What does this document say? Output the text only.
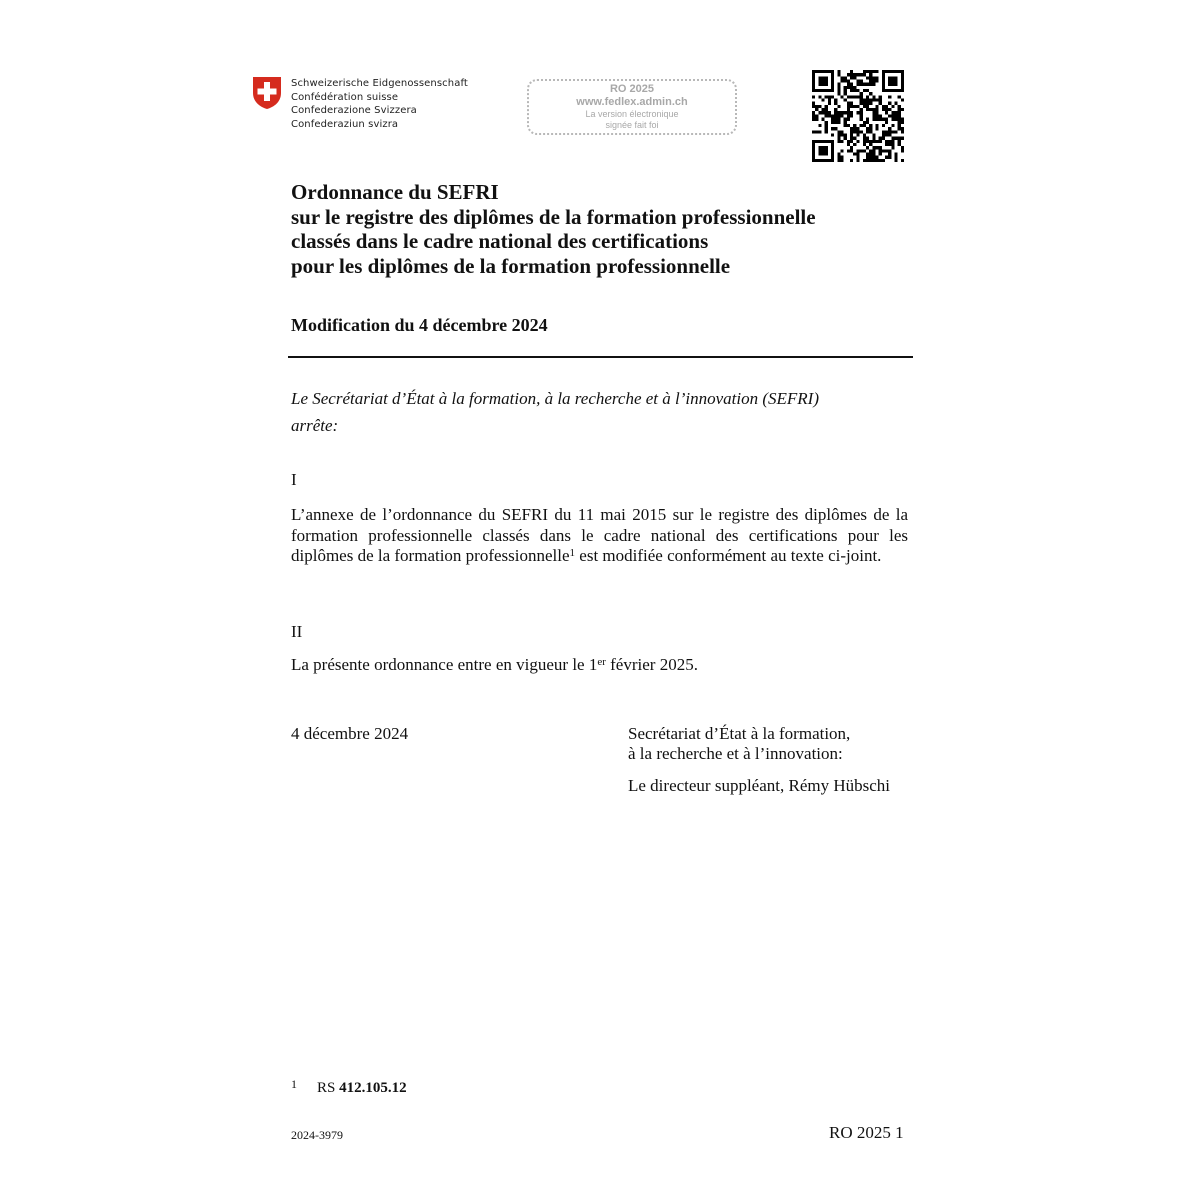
Schweizerische Eidgenossenschaft
Confédération suisse
Confederazione Svizzera
Confederaziun svizra
RO 2025
www.fedlex.admin.ch
La version électronique
signée fait foi
Ordonnance du SEFRI
sur le registre des diplômes de la formation professionnelle
classés dans le cadre national des certifications
pour les diplômes de la formation professionnelle
Modification du 4 décembre 2024
Le Secrétariat d’État à la formation, à la recherche et à l’innovation (SEFRI)
arrête:
I
L’annexe de l’ordonnance du SEFRI du 11 mai 2015 sur le registre des diplômes de la formation professionnelle classés dans le cadre national des certifications pour les diplômes de la formation professionnelle$^1$ est modifiée conformément au texte ci-joint.
II
La présente ordonnance entre en vigueur le 1er février 2025.
4 décembre 2024	Secrétariat d’État à la formation,
à la recherche et à l’innovation:
Le directeur suppléant, Rémy Hübschi
$^1$ RS 412.105.12
2024-3979	RO 2025 1
